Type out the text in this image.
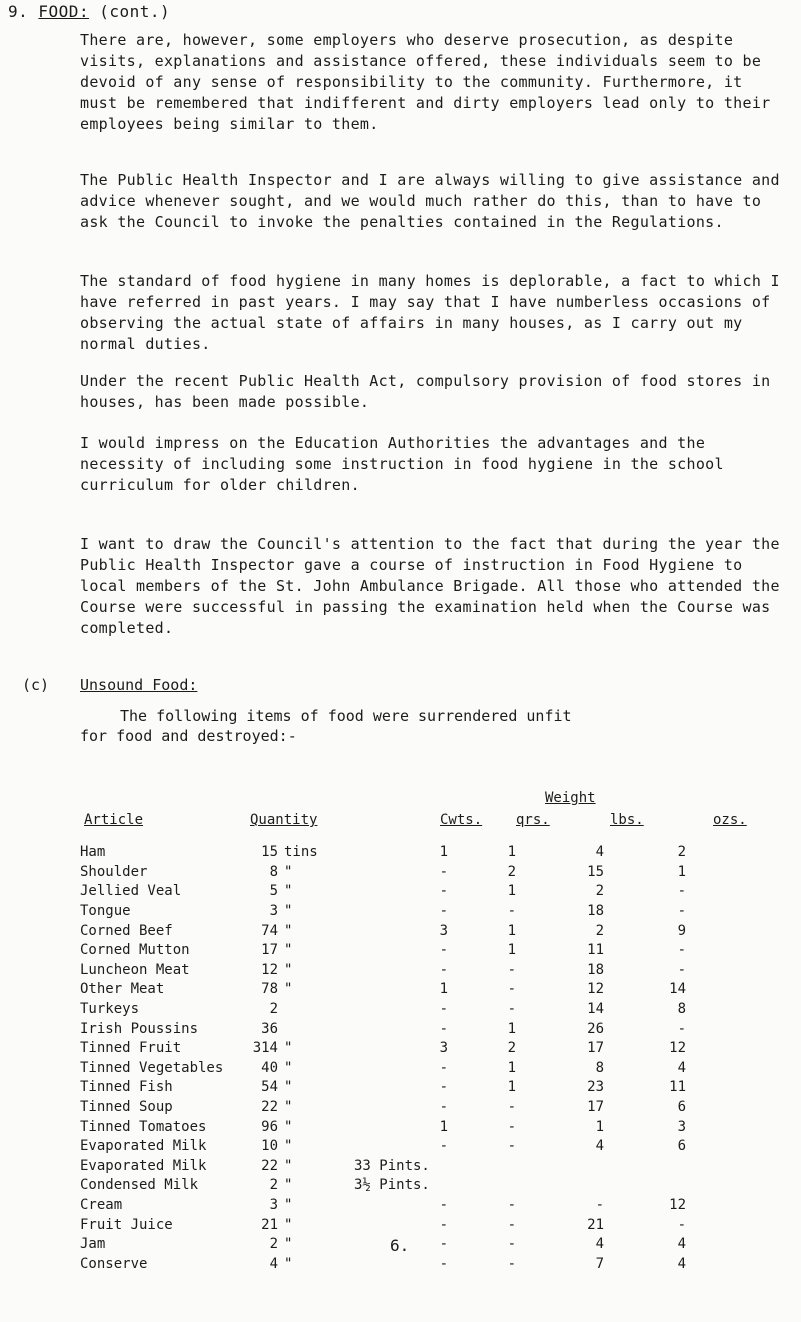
9. FOOD: (cont.)

There are, however, some employers who deserve prosecution, as despite visits, explanations and assistance offered, these individuals seem to be devoid of any sense of responsibility to the community. Furthermore, it must be remembered that indifferent and dirty employers lead only to their employees being similar to them.

The Public Health Inspector and I are always willing to give assistance and advice whenever sought, and we would much rather do this, than to have to ask the Council to invoke the penalties contained in the Regulations.

The standard of food hygiene in many homes is deplorable, a fact to which I have referred in past years. I may say that I have numberless occasions of observing the actual state of affairs in many houses, as I carry out my normal duties.

Under the recent Public Health Act, compulsory provision of food stores in houses, has been made possible.

I would impress on the Education Authorities the advantages and the necessity of including some instruction in food hygiene in the school curriculum for older children.

I want to draw the Council's attention to the fact that during the year the Public Health Inspector gave a course of instruction in Food Hygiene to local members of the St. John Ambulance Brigade. All those who attended the Course were successful in passing the examination held when the Course was completed.

(c) Unsound Food:
The following items of food were surrendered unfit
for food and destroyed:-
Article	Quantity
Weight
Cwts. qrs.	lbs.	ozs.
Ham	15	tins	1	1	4	2
Shoulder	8	"	-	2	15	1
Jellied Veal	5	"	-	1	2	-
Tongue	3	"	-	-	18	-
Corned Beef	74	"	3	1	2	9
Corned Mutton	17	"	-	1	11	-
Luncheon Meat	12	"	-	-	18	-
Other Meat	78	"	1	-	12	14
Turkeys	2		-	-	14	8
Irish Poussins	36		-	1	26	-
Tinned Fruit	314	"	3	2	17	12
Tinned Vegetables	40	"	-	1	8	4
Tinned Fish	54	"	-	1	23	11
Tinned Soup	22	"	-	-	17	6
Tinned Tomatoes	96	"	1	-	1	3
Evaporated Milk	10	"	-	-	4	6
Evaporated Milk	22	"	33 Pints.			
Condensed Milk	2	"	3½ Pints.			
Cream	3	"	-	-	-	12
Fruit Juice	21	"	-	-	21	-
Jam	2	"	-	-	4	4
Conserve	4	"	-	-	7	4
6.
